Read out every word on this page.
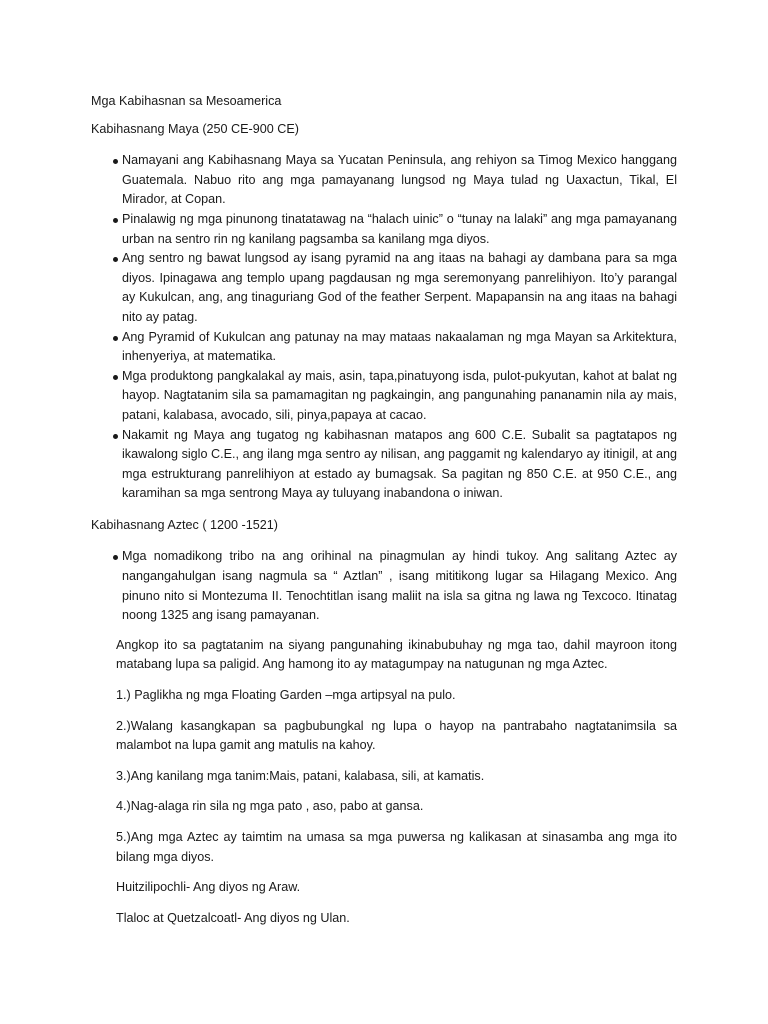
Mga Kabihasnan sa Mesoamerica
Kabihasnang Maya (250 CE-900 CE)
Namayani ang Kabihasnang Maya sa Yucatan Peninsula, ang rehiyon sa Timog Mexico hanggang Guatemala. Nabuo rito ang mga pamayanang lungsod ng Maya tulad ng Uaxactun, Tikal, El Mirador, at Copan.
Pinalawig ng mga pinunong tinatatawag na “halach uinic” o “tunay na lalaki” ang mga pamayanang urban na sentro rin ng kanilang pagsamba sa kanilang mga diyos.
Ang sentro ng bawat lungsod ay isang pyramid na ang itaas na bahagi ay dambana para sa mga diyos. Ipinagawa ang templo upang pagdausan ng mga seremonyang panrelihiyon. Ito’y parangal ay Kukulcan, ang, ang tinaguriang God of the feather Serpent. Mapapansin na ang itaas na bahagi nito ay patag.
Ang Pyramid of Kukulcan ang patunay na may mataas nakaalaman ng mga Mayan sa Arkitektura, inhenyeriya, at matematika.
Mga produktong pangkalakal ay mais, asin, tapa,pinatuyong isda, pulot-pukyutan, kahot at balat ng hayop. Nagtatanim sila sa pamamagitan ng pagkaingin, ang pangunahing pananamin nila ay mais, patani, kalabasa, avocado, sili, pinya,papaya at cacao.
Nakamit ng Maya ang tugatog ng kabihasnan matapos ang 600 C.E. Subalit sa pagtatapos ng ikawalong siglo C.E., ang ilang mga sentro ay nilisan, ang paggamit ng kalendaryo ay itinigil, at ang mga estrukturang panrelihiyon at estado ay bumagsak. Sa pagitan ng 850 C.E. at 950 C.E., ang karamihan sa mga sentrong Maya ay tuluyang inabandona o iniwan.
Kabihasnang Aztec ( 1200 -1521)
Mga nomadikong tribo na ang orihinal na pinagmulan ay hindi tukoy. Ang salitang Aztec ay nangangahulgan isang nagmula sa “ Aztlan” , isang mititikong lugar sa Hilagang Mexico. Ang pinuno nito si Montezuma II. Tenochtitlan isang maliit na isla sa gitna ng lawa ng Texcoco. Itinatag noong 1325 ang isang pamayanan.

Angkop ito sa pagtatanim na siyang pangunahing ikinabubuhay ng mga tao, dahil mayroon itong matabang lupa sa paligid. Ang hamong ito ay matagumpay na natugunan ng mga Aztec.

1.) Paglikha ng mga Floating Garden –mga artipsyal na pulo.

2.)Walang kasangkapan sa pagbubungkal ng lupa o hayop na pantrabaho nagtatanimsila sa malambot na lupa gamit ang matulis na kahoy.

3.)Ang kanilang mga tanim:Mais, patani, kalabasa, sili, at kamatis.

4.)Nag-alaga rin sila ng mga pato , aso, pabo at gansa.

5.)Ang mga Aztec ay taimtim na umasa sa mga puwersa ng kalikasan at sinasamba ang mga ito bilang mga diyos.

Huitzilipochli- Ang diyos ng Araw.

Tlaloc at Quetzalcoatl- Ang diyos ng Ulan.
